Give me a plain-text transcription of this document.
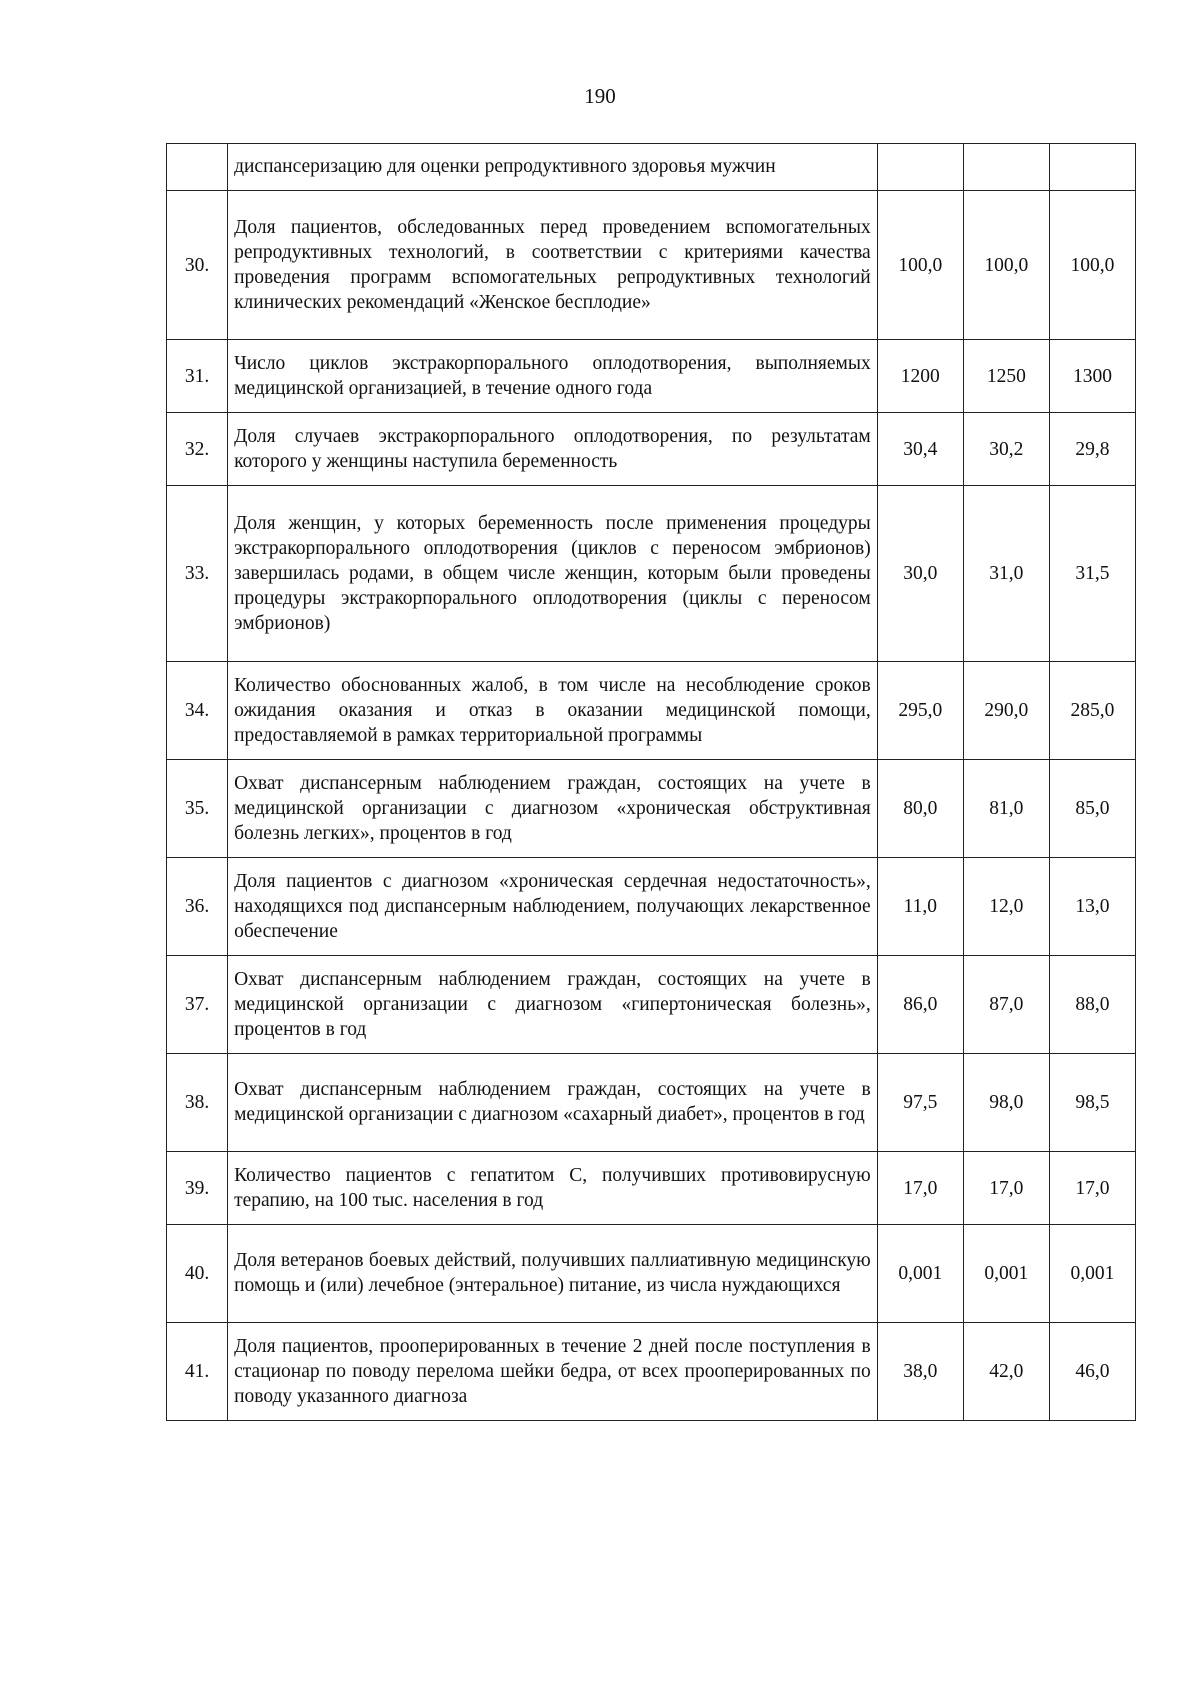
190
	диспансеризацию для оценки репродуктивного здоровья мужчин			
30.	Доля пациентов, обследованных перед проведением вспомогательных репродуктивных технологий, в соответствии с критериями качества проведения программ вспомогательных репродуктивных технологий клинических рекомендаций «Женское бесплодие»	100,0	100,0	100,0
31.	Число циклов экстракорпорального оплодотворения, выполняемых медицинской организацией, в течение одного года	1200	1250	1300
32.	Доля случаев экстракорпорального оплодотворения, по результатам которого у женщины наступила беременность	30,4	30,2	29,8
33.	Доля женщин, у которых беременность после применения процедуры экстракорпорального оплодотворения (циклов с переносом эмбрионов) завершилась родами, в общем числе женщин, которым были проведены процедуры экстракорпорального оплодотворения (циклы с переносом эмбрионов)	30,0	31,0	31,5
34.	Количество обоснованных жалоб, в том числе на несоблюдение сроков ожидания оказания и отказ в оказании медицинской помощи, предоставляемой в рамках территориальной программы	295,0	290,0	285,0
35.	Охват диспансерным наблюдением граждан, состоящих на учете в медицинской организации с диагнозом «хроническая обструктивная болезнь легких», процентов в год	80,0	81,0	85,0
36.	Доля пациентов с диагнозом «хроническая сердечная недостаточность», находящихся под диспансерным наблюдением, получающих лекарственное обеспечение	11,0	12,0	13,0
37.	Охват диспансерным наблюдением граждан, состоящих на учете в медицинской организации с диагнозом «гипертоническая болезнь», процентов в год	86,0	87,0	88,0
38.	Охват диспансерным наблюдением граждан, состоящих на учете в медицинской организации с диагнозом «сахарный диабет», процентов в год	97,5	98,0	98,5
39.	Количество пациентов с гепатитом С, получивших противовирусную терапию, на 100 тыс. населения в год	17,0	17,0	17,0
40.	Доля ветеранов боевых действий, получивших паллиативную медицинскую помощь и (или) лечебное (энтеральное) питание, из числа нуждающихся	0,001	0,001	0,001
41.	Доля пациентов, прооперированных в течение 2 дней после поступления в стационар по поводу перелома шейки бедра, от всех прооперированных по поводу указанного диагноза	38,0	42,0	46,0
